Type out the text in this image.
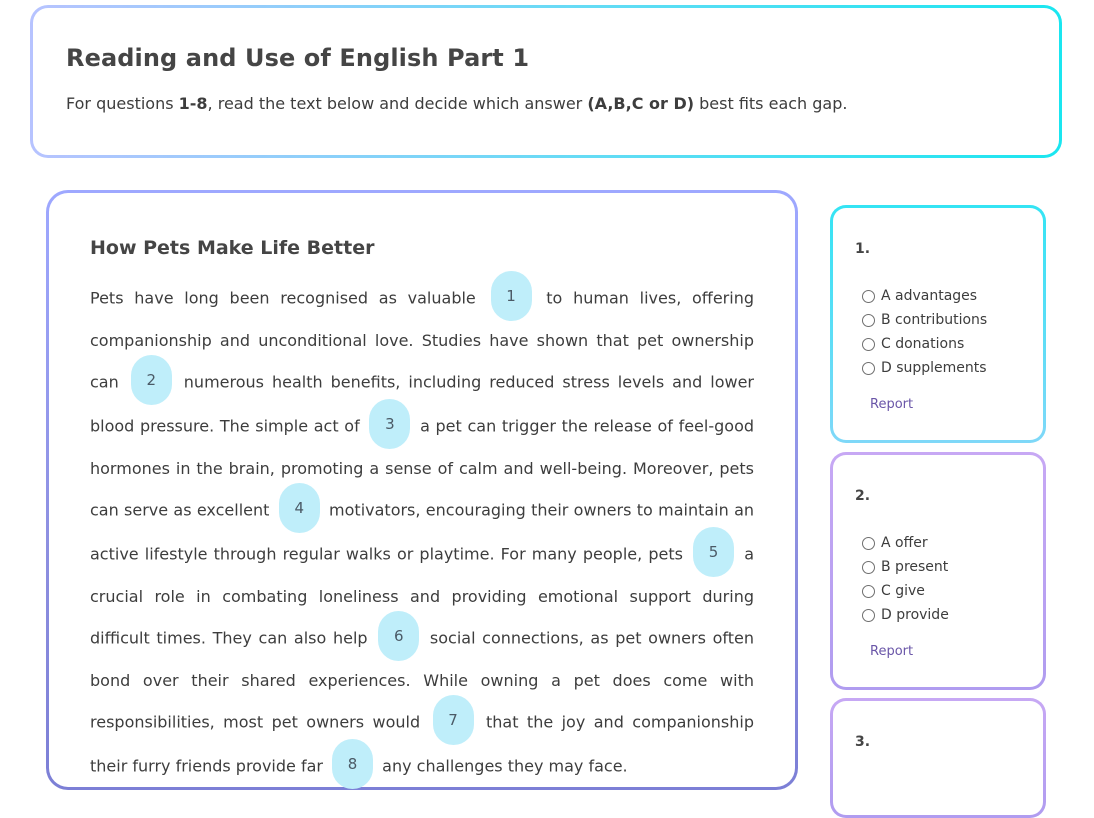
Reading and Use of English Part 1

For questions 1-8, read the text below and decide which answer (A,B,C or D) best fits each gap.

How Pets Make Life Better

Pets have long been recognised as valuable 1 to human lives, offering companionship and unconditional love. Studies have shown that pet ownership can 2 numerous health benefits, including reduced stress levels and lower blood pressure. The simple act of 3 a pet can trigger the release of feel-good hormones in the brain, promoting a sense of calm and well-being. Moreover, pets can serve as excellent 4 motivators, encouraging their owners to maintain an active lifestyle through regular walks or playtime. For many people, pets 5 a crucial role in combating loneliness and providing emotional support during difficult times. They can also help 6 social connections, as pet owners often bond over their shared experiences. While owning a pet does come with responsibilities, most pet owners would 7 that the joy and companionship their furry friends provide far 8 any challenges they may face.

1.
A advantages
B contributions
C donations
D supplements
Report
2.
A offer
B present
C give
D provide
Report
3.
